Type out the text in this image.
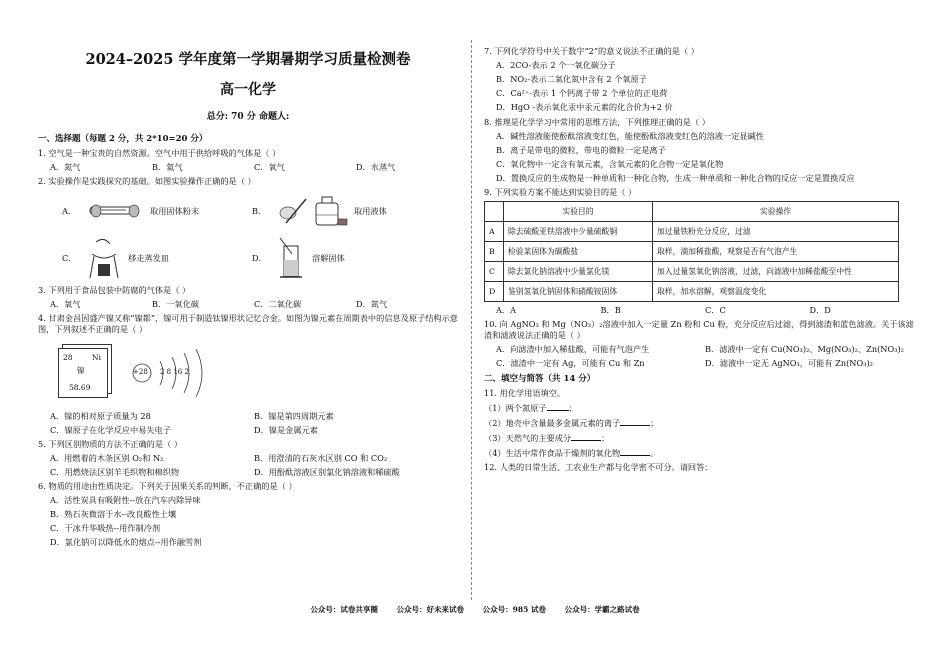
2024–2025 学年度第一学期暑期学习质量检测卷
高一化学
总分: 70 分 命题人:
一、选择题（每题 2 分，共 2*10=20 分）
1. 空气是一种宝贵的自然资源。空气中用于供给呼吸的气体是（ ）
A．氮气	B．氦气	C．氧气	D．水蒸气
2. 实验操作是实践探究的基础。如图实验操作正确的是（ ）
A．	取用固体粉末	B．	取用液体
C．	移走蒸发皿	D．	溶解固体
3. 下列用于食品包装中防腐的气体是（ ）
A．氧气	B．一氧化碳	C．二氧化碳	D．氮气
4. 甘肃金昌因盛产镍又称“镍都”，镍可用于制造钛镍形状记忆合金。如图为镍元素在周期表中的信息及原子结构示意图，下列叙述不正确的是（ ）
28	Ni
镍
58.69
+28 2 8 16 2
A．镍的相对原子质量为 28	B．镍是第四周期元素
C．镍原子在化学反应中易失电子	D．镍是金属元素
5. 下列区别物质的方法不正确的是（ ）
A．用燃着的木条区别 O₂和 N₂	B．用澄清的石灰水区别 CO 和 CO₂
C．用燃烧法区别羊毛织物和棉织物	D．用酚酞溶液区别氯化钠溶液和稀硫酸
6. 物质的用途由性质决定。下列关于因果关系的判断，不正确的是（ ）
A．活性炭具有吸附性--放在汽车内除异味
B．熟石灰微溶于水--改良酸性土壤
C．干冰升华吸热--用作制冷剂
D．氯化钠可以降低水的熔点--用作融雪剂
7. 下列化学符号中关于数字“2”的意义说法不正确的是（ ）
A．2CO-表示 2 个一氧化碳分子
B．NO₂-表示二氧化氮中含有 2 个氧原子
C．Ca²⁺-表示 1 个钙离子带 2 个单位的正电荷
D．HgO -表示氧化汞中汞元素的化合价为+2 价
8. 推理是化学学习中常用的思维方法，下列推理正确的是（ ）
A．碱性溶液能使酚酞溶液变红色，能使酚酞溶液变红色的溶液一定显碱性
B．离子是带电的微粒，带电的微粒一定是离子
C．氧化物中一定含有氧元素，含氧元素的化合物一定是氧化物
D．置换反应的生成物是一种单质和一种化合物，生成一种单质和一种化合物的反应一定是置换反应
9. 下列实验方案不能达到实验目的是（ ）
	实验目的	实验操作
A	除去硫酸亚铁溶液中少量硫酸铜	加过量铁粉充分反应，过滤
B	检验某固体为碳酸盐	取样，滴加稀盐酸，观察是否有气泡产生
C	除去氯化钠溶液中少量氯化镁	加入过量氢氧化钠溶液，过滤，向滤液中加稀盐酸至中性
D	鉴别氢氧化钠固体和硝酸铵固体	取样，加水溶解，观察温度变化
A．A	B．B	C．C	D．D
10. 向 AgNO₃ 和 Mg（NO₃）₂溶液中加入一定量 Zn 粉和 Cu 粉，充分反应后过滤，得到滤渣和蓝色滤液。关于该滤渣和滤液说法正确的是（ ）
A．向滤渣中加入稀盐酸，可能有气泡产生	B．滤液中一定有 Cu(NO₃)₂、Mg(NO₃)₂、Zn(NO₃)₂
C．滤渣中一定有 Ag，可能有 Cu 和 Zn	D．滤液中一定无 AgNO₃，可能有 Zn(NO₃)₂
二、填空与简答（共 14 分）
11. 用化学用语填空。
（1）两个氮原子	；
（2）地壳中含量最多金属元素的离子	；
（3）天然气的主要成分	；
（4）生活中常作食品干燥剂的氧化物	。
12. 人类的日常生活、工农业生产都与化学密不可分。请回答：
公众号：试卷共享圈 公众号：好未来试卷 公众号：985 试卷 公众号：学霸之路试卷
